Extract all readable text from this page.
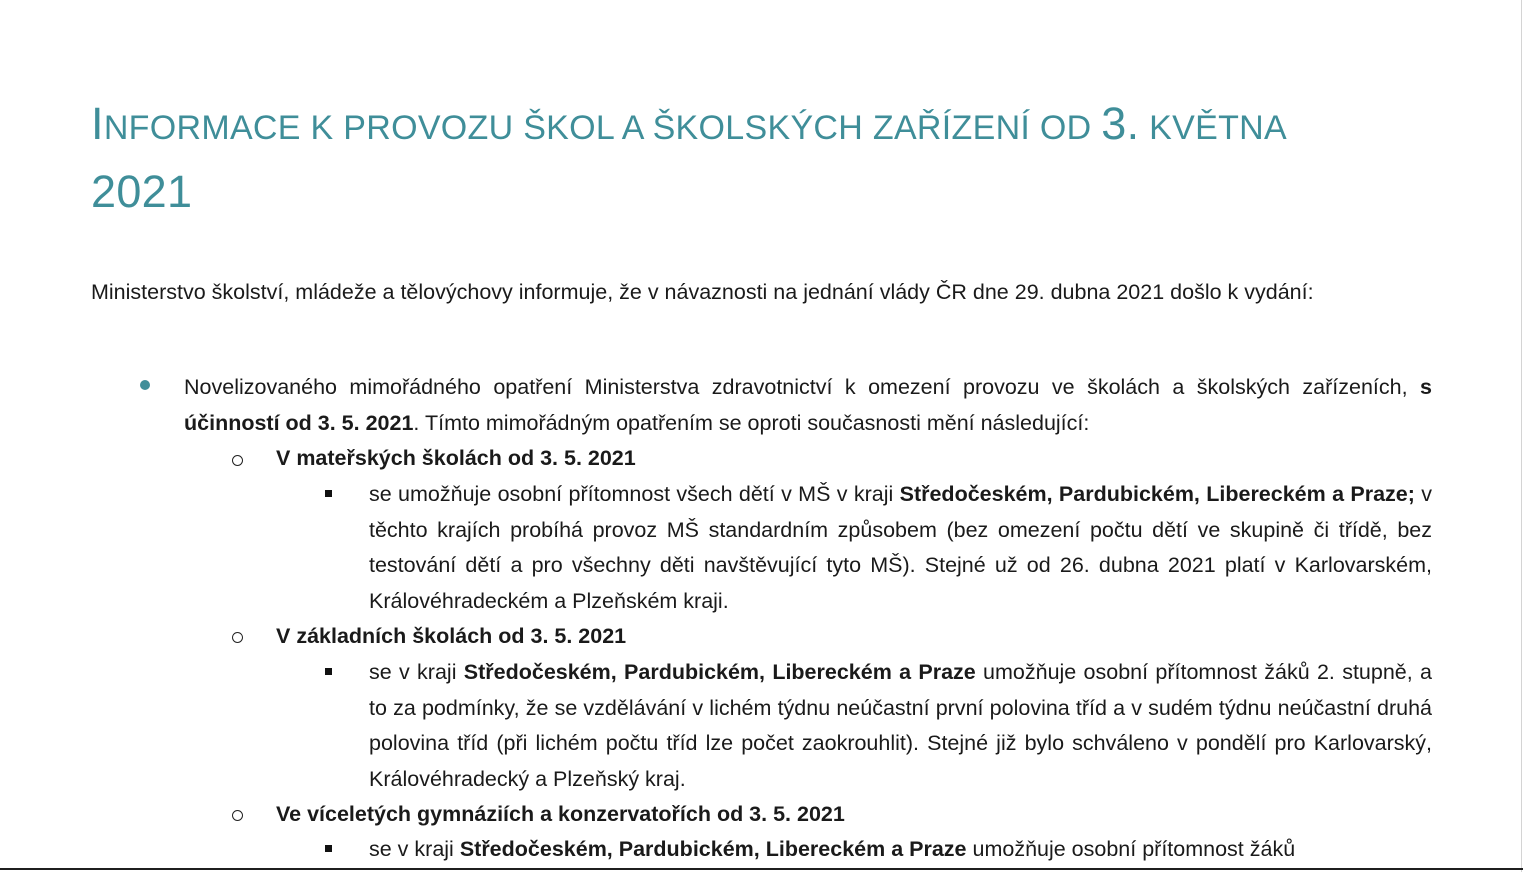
INFORMACE K PROVOZU ŠKOL A ŠKOLSKÝCH ZAŘÍZENÍ OD 3. KVĚTNA
2021

Ministerstvo školství, mládeže a tělovýchovy informuje, že v návaznosti na jednání vlády ČR dne 29. dubna 2021 došlo k vydání:

Novelizovaného mimořádného opatření Ministerstva zdravotnictví k omezení provozu ve školách a školských zařízeních, s účinností od 3. 5. 2021. Tímto mimořádným opatřením se oproti současnosti mění následující:

V mateřských školách od 3. 5. 2021

se umožňuje osobní přítomnost všech dětí v MŠ v kraji Středočeském, Pardubickém, Libereckém a Praze; v těchto krajích probíhá provoz MŠ standardním způsobem (bez omezení počtu dětí ve skupině či třídě, bez testování dětí a pro všechny děti navštěvující tyto MŠ). Stejné už od 26. dubna 2021 platí v Karlovarském, Královéhradeckém a Plzeňském kraji.

V základních školách od 3. 5. 2021

se v kraji Středočeském, Pardubickém, Libereckém a Praze umožňuje osobní přítomnost žáků 2. stupně, a to za podmínky, že se vzdělávání v lichém týdnu neúčastní první polovina tříd a v sudém týdnu neúčastní druhá polovina tříd (při lichém počtu tříd lze počet zaokrouhlit). Stejné již bylo schváleno v pondělí pro Karlovarský, Královéhradecký a Plzeňský kraj.

Ve víceletých gymnáziích a konzervatořích od 3. 5. 2021

se v kraji Středočeském, Pardubickém, Libereckém a Praze umožňuje osobní přítomnost žáků
